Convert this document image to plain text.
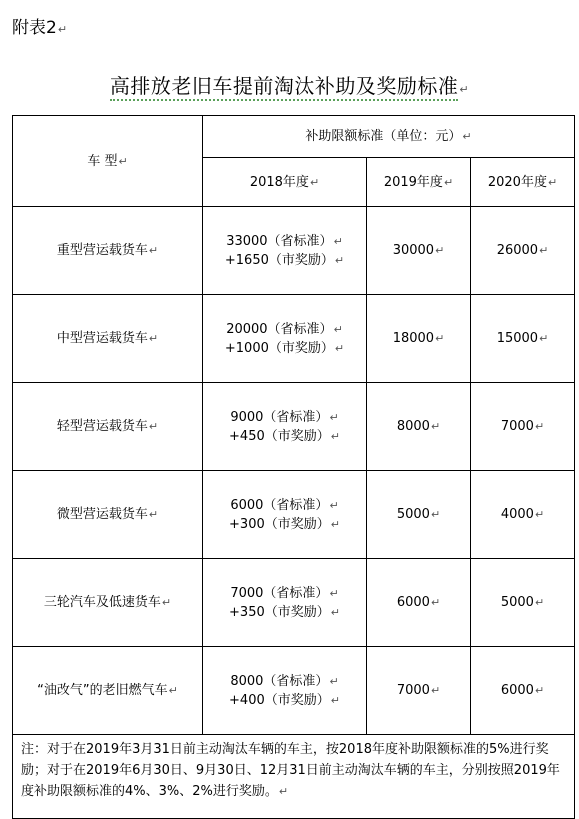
附表2↵
高排放老旧车提前淘汰补助及奖励标准↵
车 型↵	补助限额标准（单位：元）↵		
	2018年度↵	2019年度↵	2020年度↵
重型营运载货车↵	33000（省标准）↵
+1650（市奖励）↵	30000↵	26000↵
中型营运载货车↵	20000（省标准）↵
+1000（市奖励）↵	18000↵	15000↵
轻型营运载货车↵	9000（省标准）↵
+450（市奖励）↵	8000↵	7000↵
微型营运载货车↵	6000（省标准）↵
+300（市奖励）↵	5000↵	4000↵
三轮汽车及低速货车↵	7000（省标准）↵
+350（市奖励）↵	6000↵	5000↵
“油改气”的老旧燃气车↵	8000（省标准）↵
+400（市奖励）↵	7000↵	6000↵
注：对于在2019年3月31日前主动淘汰车辆的车主，按2018年度补助限额标准的5%进行奖励；对于在2019年6月30日、9月30日、12月31日前主动淘汰车辆的车主，分别按照2019年度补助限额标准的4%、3%、2%进行奖励。↵			
